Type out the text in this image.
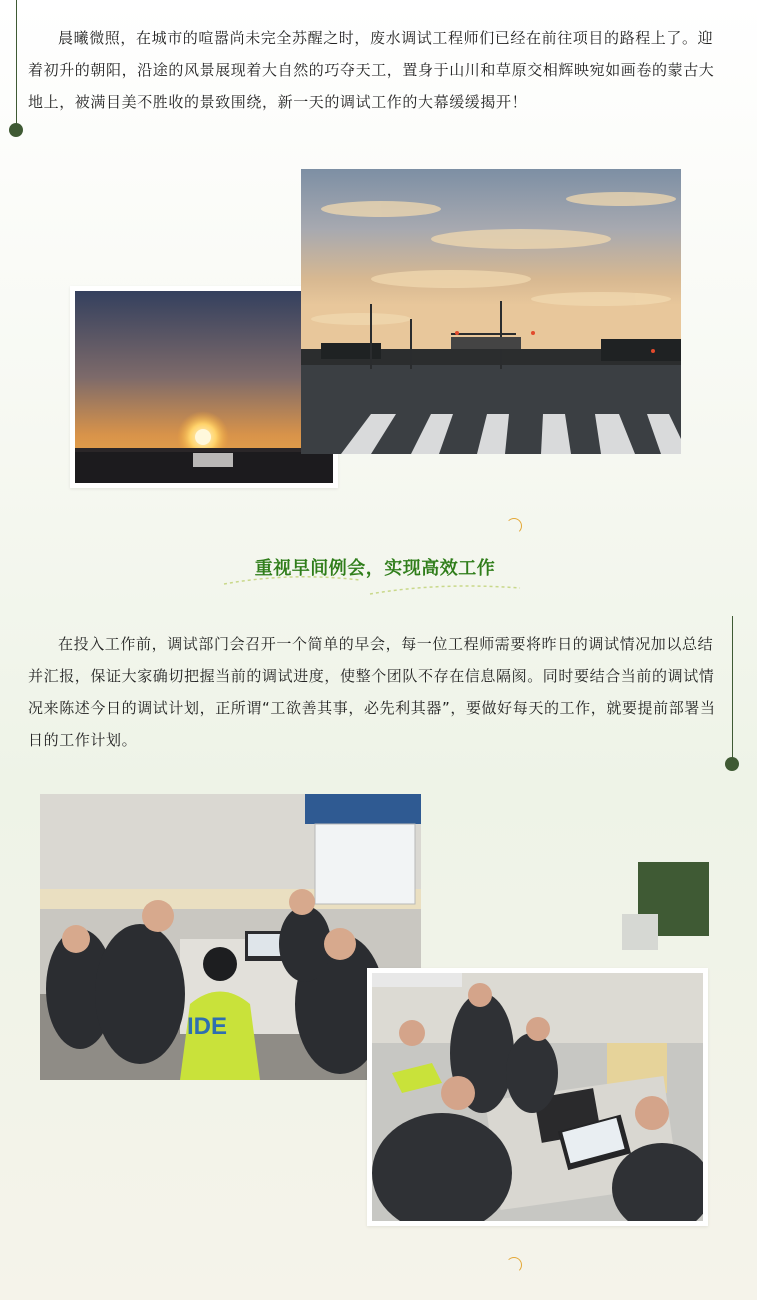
晨曦微照，在城市的喧嚣尚未完全苏醒之时，废水调试工程师们已经在前往项目的路程上了。迎着初升的朝阳，沿途的风景展现着大自然的巧夺天工，置身于山川和草原交相辉映宛如画卷的蒙古大地上，被满目美不胜收的景致围绕，新一天的调试工作的大幕缓缓揭开！

重视早间例会，实现高效工作

在投入工作前，调试部门会召开一个简单的早会，每一位工程师需要将昨日的调试情况加以总结并汇报，保证大家确切把握当前的调试进度，使整个团队不存在信息隔阂。同时要结合当前的调试情况来陈述今日的调试计划，正所谓“工欲善其事，必先利其器”，要做好每天的工作，就要提前部署当日的工作计划。

IDE
